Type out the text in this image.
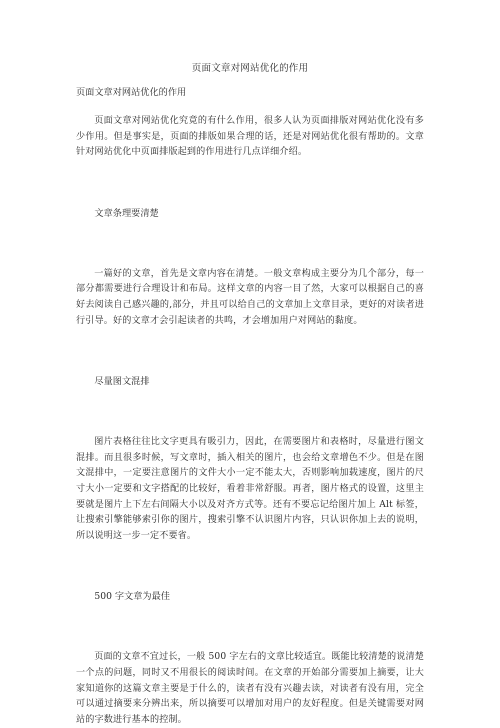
页面文章对网站优化的作用
页面文章对网站优化的作用

页面文章对网站优化究竟的有什么作用，很多人认为页面排版对网站优化没有多少作用。但是事实是，页面的排版如果合理的话，还是对网站优化很有帮助的。文章针对网站优化中页面排版起到的作用进行几点详细介绍。

文章条理要清楚

一篇好的文章，首先是文章内容在清楚。一般文章构成主要分为几个部分，每一部分都需要进行合理设计和布局。这样文章的内容一目了然，大家可以根据自己的喜好去阅读自己感兴趣的,部分，并且可以给自己的文章加上文章目录，更好的对读者进行引导。好的文章才会引起读者的共鸣，才会增加用户对网站的黏度。

尽量图文混排

图片表格往往比文字更具有吸引力，因此，在需要图片和表格时，尽量进行图文混排。而且很多时候，写文章时，插入相关的图片，也会给文章增色不少。但是在图文混排中，一定要注意图片的文件大小一定不能太大，否则影响加载速度，图片的尺寸大小一定要和文字搭配的比较好，看着非常舒服。再者，图片格式的设置，这里主要就是图片上下左右间隔大小以及对齐方式等。还有不要忘记给图片加上 Alt 标签，让搜索引擎能够索引你的图片，搜索引擎不认识图片内容，只认识你加上去的说明，所以说明这一步一定不要省。

500 字文章为最佳

页面的文章不宜过长，一般 500 字左右的文章比较适宜。既能比较清楚的说清楚一个点的问题，同时又不用很长的阅读时间。在文章的开始部分需要加上摘要，让大家知道你的这篇文章主要是于什么的，读者有没有兴趣去读，对读者有没有用，完全可以通过摘要来分辨出来，所以摘要可以增加对用户的友好程度。但是关键需要对网站的字数进行基本的控制。
